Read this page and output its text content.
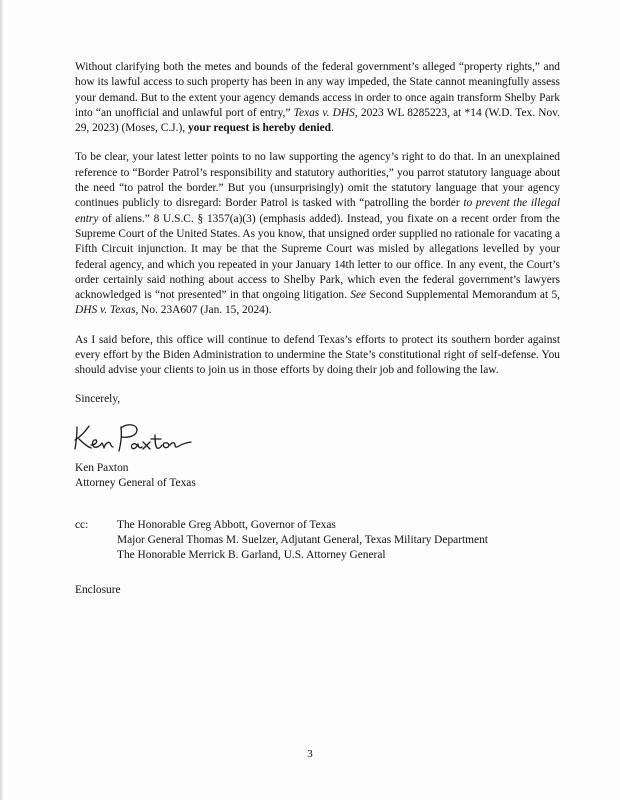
Without clarifying both the metes and bounds of the federal government’s alleged “property rights,” and how its lawful access to such property has been in any way impeded, the State cannot meaningfully assess your demand. But to the extent your agency demands access in order to once again transform Shelby Park into “an unofficial and unlawful port of entry,” Texas v. DHS, 2023 WL 8285223, at *14 (W.D. Tex. Nov. 29, 2023) (Moses, C.J.), your request is hereby denied.

To be clear, your latest letter points to no law supporting the agency’s right to do that. In an unexplained reference to “Border Patrol’s responsibility and statutory authorities,” you parrot statutory language about the need “to patrol the border.” But you (unsurprisingly) omit the statutory language that your agency continues publicly to disregard: Border Patrol is tasked with “patrolling the border to prevent the illegal entry of aliens.” 8 U.S.C. § 1357(a)(3) (emphasis added). Instead, you fixate on a recent order from the Supreme Court of the United States. As you know, that unsigned order supplied no rationale for vacating a Fifth Circuit injunction. It may be that the Supreme Court was misled by allegations levelled by your federal agency, and which you repeated in your January 14th letter to our office. In any event, the Court’s order certainly said nothing about access to Shelby Park, which even the federal government’s lawyers acknowledged is “not presented” in that ongoing litigation. See Second Supplemental Memorandum at 5, DHS v. Texas, No. 23A607 (Jan. 15, 2024).

As I said before, this office will continue to defend Texas’s efforts to protect its southern border against every effort by the Biden Administration to undermine the State’s constitutional right of self-defense. You should advise your clients to join us in those efforts by doing their job and following the law.

Sincerely,
Ken Paxton
Attorney General of Texas
cc:	The Honorable Greg Abbott, Governor of Texas
Major General Thomas M. Suelzer, Adjutant General, Texas Military Department
The Honorable Merrick B. Garland, U.S. Attorney General
Enclosure
3
